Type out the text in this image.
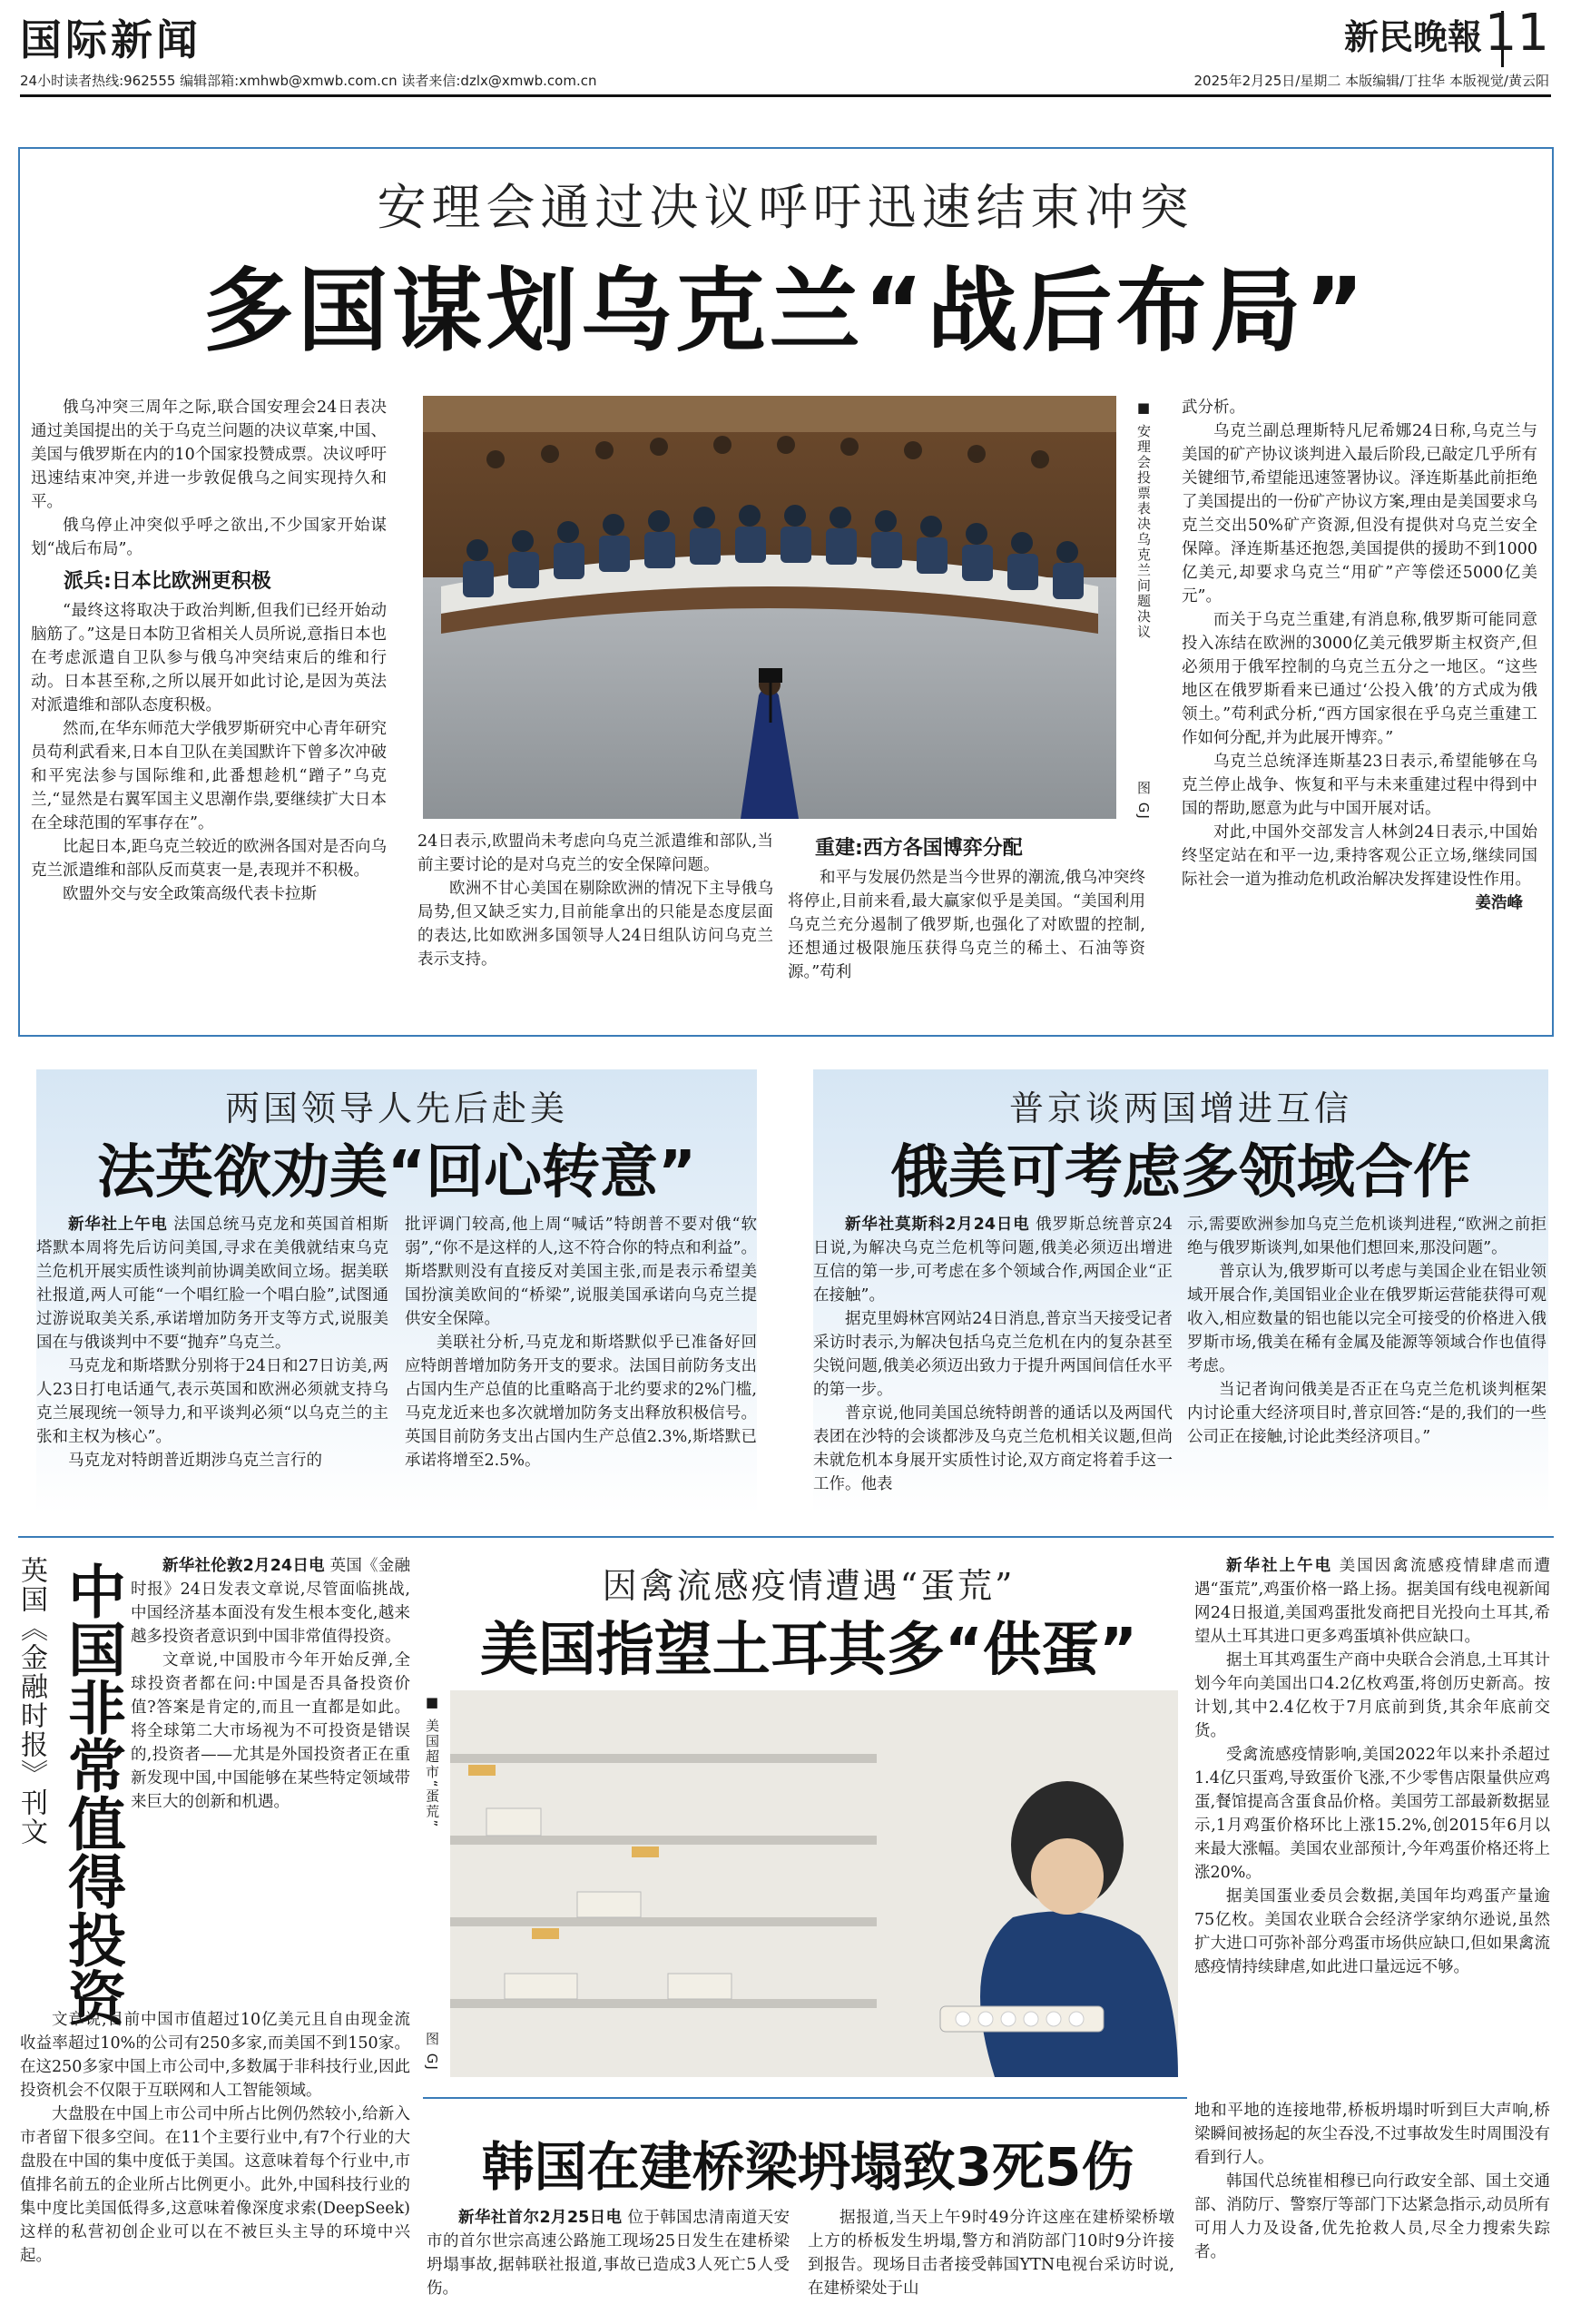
国际新闻	新民晚報 11
24小时读者热线:962555 编辑部箱:xmhwb@xmwb.com.cn 读者来信:dzlx@xmwb.com.cn	2025年2月25日/星期二 本版编辑/丁拄华 本版视觉/黄云阳
安理会通过决议呼吁迅速结束冲突
多国谋划乌克兰“战后布局”

俄乌冲突三周年之际,联合国安理会24日表决通过美国提出的关于乌克兰问题的决议草案,中国、美国与俄罗斯在内的10个国家投赞成票。决议呼吁迅速结束冲突,并进一步敦促俄乌之间实现持久和平。

俄乌停止冲突似乎呼之欲出,不少国家开始谋划“战后布局”。

派兵:日本比欧洲更积极

“最终这将取决于政治判断,但我们已经开始动脑筋了。”这是日本防卫省相关人员所说,意指日本也在考虑派遣自卫队参与俄乌冲突结束后的维和行动。日本甚至称,之所以展开如此讨论,是因为英法对派遣维和部队态度积极。

然而,在华东师范大学俄罗斯研究中心青年研究员苟利武看来,日本自卫队在美国默许下曾多次冲破和平宪法参与国际维和,此番想趁机“蹭子”乌克兰,“显然是右翼军国主义思潮作祟,要继续扩大日本在全球范围的军事存在”。

比起日本,距乌克兰较近的欧洲各国对是否向乌克兰派遣维和部队反而莫衷一是,表现并不积极。

欧盟外交与安全政策高级代表卡拉斯

■ 安理会投票表决乌克兰问题决议
图 GJ

24日表示,欧盟尚未考虑向乌克兰派遣维和部队,当前主要讨论的是对乌克兰的安全保障问题。

欧洲不甘心美国在剔除欧洲的情况下主导俄乌局势,但又缺乏实力,目前能拿出的只能是态度层面的表达,比如欧洲多国领导人24日组队访问乌克兰表示支持。

重建:西方各国博弈分配

和平与发展仍然是当今世界的潮流,俄乌冲突终将停止,目前来看,最大赢家似乎是美国。“美国利用乌克兰充分遏制了俄罗斯,也强化了对欧盟的控制,还想通过极限施压获得乌克兰的稀土、石油等资源。”苟利

武分析。

乌克兰副总理斯特凡尼希娜24日称,乌克兰与美国的矿产协议谈判进入最后阶段,已敲定几乎所有关键细节,希望能迅速签署协议。泽连斯基此前拒绝了美国提出的一份矿产协议方案,理由是美国要求乌克兰交出50%矿产资源,但没有提供对乌克兰安全保障。泽连斯基还抱怨,美国提供的援助不到1000亿美元,却要求乌克兰“用矿”产等偿还5000亿美元”。

而关于乌克兰重建,有消息称,俄罗斯可能同意投入冻结在欧洲的3000亿美元俄罗斯主权资产,但必须用于俄军控制的乌克兰五分之一地区。“这些地区在俄罗斯看来已通过‘公投入俄’的方式成为俄领土。”苟利武分析,“西方国家很在乎乌克兰重建工作如何分配,并为此展开博弈。”

乌克兰总统泽连斯基23日表示,希望能够在乌克兰停止战争、恢复和平与未来重建过程中得到中国的帮助,愿意为此与中国开展对话。

对此,中国外交部发言人林剑24日表示,中国始终坚定站在和平一边,秉持客观公正立场,继续同国际社会一道为推动危机政治解决发挥建设性作用。

姜浩峰
两国领导人先后赴美
法英欲劝美“回心转意”

新华社上午电 法国总统马克龙和英国首相斯塔默本周将先后访问美国,寻求在美俄就结束乌克兰危机开展实质性谈判前协调美欧间立场。据美联社报道,两人可能“一个唱红脸一个唱白脸”,试图通过游说取美关系,承诺增加防务开支等方式,说服美国在与俄谈判中不要“抛弃”乌克兰。

马克龙和斯塔默分别将于24日和27日访美,两人23日打电话通气,表示英国和欧洲必须就支持乌克兰展现统一领导力,和平谈判必须“以乌克兰的主张和主权为核心”。

马克龙对特朗普近期涉乌克兰言行的

批评调门较高,他上周“喊话”特朗普不要对俄“软弱”,“你不是这样的人,这不符合你的特点和利益”。斯塔默则没有直接反对美国主张,而是表示希望美国扮演美欧间的“桥梁”,说服美国承诺向乌克兰提供安全保障。

美联社分析,马克龙和斯塔默似乎已准备好回应特朗普增加防务开支的要求。法国目前防务支出占国内生产总值的比重略高于北约要求的2%门槛,马克龙近来也多次就增加防务支出释放积极信号。英国目前防务支出占国内生产总值2.3%,斯塔默已承诺将增至2.5%。

普京谈两国增进互信
俄美可考虑多领域合作

新华社莫斯科2月24日电 俄罗斯总统普京24日说,为解决乌克兰危机等问题,俄美必须迈出增进互信的第一步,可考虑在多个领域合作,两国企业“正在接触”。

据克里姆林宫网站24日消息,普京当天接受记者采访时表示,为解决包括乌克兰危机在内的复杂甚至尖锐问题,俄美必须迈出致力于提升两国间信任水平的第一步。

普京说,他同美国总统特朗普的通话以及两国代表团在沙特的会谈都涉及乌克兰危机相关议题,但尚未就危机本身展开实质性讨论,双方商定将着手这一工作。他表

示,需要欧洲参加乌克兰危机谈判进程,“欧洲之前拒绝与俄罗斯谈判,如果他们想回来,那没问题”。

普京认为,俄罗斯可以考虑与美国企业在铝业领域开展合作,美国铝业企业在俄罗斯运营能获得可观收入,相应数量的铝也能以完全可接受的价格进入俄罗斯市场,俄美在稀有金属及能源等领域合作也值得考虑。

当记者询问俄美是否正在乌克兰危机谈判框架内讨论重大经济项目时,普京回答:“是的,我们的一些公司正在接触,讨论此类经济项目。”

英国《金融时报》刊文 中国非常值得投资	新华社伦敦2月24日电 英国《金融时报》24日发表文章说,尽管面临挑战,中国经济基本面没有发生根本变化,越来越多投资者意识到中国非常值得投资。

文章说,中国股市今年开始反弹,全球投资者都在问:中国是否具备投资价值?答案是肯定的,而且一直都是如此。将全球第二大市场视为不可投资是错误的,投资者——尤其是外国投资者正在重新发现中国,中国能够在某些特定领域带来巨大的创新和机遇。

文章说,目前中国市值超过10亿美元且自由现金流收益率超过10%的公司有250多家,而美国不到150家。在这250多家中国上市公司中,多数属于非科技行业,因此投资机会不仅限于互联网和人工智能领域。

大盘股在中国上市公司中所占比例仍然较小,给新入市者留下很多空间。在11个主要行业中,有7个行业的大盘股在中国的集中度低于美国。这意味着每个行业中,市值排名前五的企业所占比例更小。此外,中国科技行业的集中度比美国低得多,这意味着像深度求索(DeepSeek)这样的私营初创企业可以在不被巨头主导的环境中兴起。

因禽流感疫情遭遇“蛋荒”
美国指望土耳其多“供蛋”
■ 美国超市“蛋荒”
图 GJ

新华社上午电 美国因禽流感疫情肆虐而遭遇“蛋荒”,鸡蛋价格一路上扬。据美国有线电视新闻网24日报道,美国鸡蛋批发商把目光投向土耳其,希望从土耳其进口更多鸡蛋填补供应缺口。

据土耳其鸡蛋生产商中央联合会消息,土耳其计划今年向美国出口4.2亿枚鸡蛋,将创历史新高。按计划,其中2.4亿枚于7月底前到货,其余年底前交货。

受禽流感疫情影响,美国2022年以来扑杀超过1.4亿只蛋鸡,导致蛋价飞涨,不少零售店限量供应鸡蛋,餐馆提高含蛋食品价格。美国劳工部最新数据显示,1月鸡蛋价格环比上涨15.2%,创2015年6月以来最大涨幅。美国农业部预计,今年鸡蛋价格还将上涨20%。

据美国蛋业委员会数据,美国年均鸡蛋产量逾75亿枚。美国农业联合会经济学家纳尔逊说,虽然扩大进口可弥补部分鸡蛋市场供应缺口,但如果禽流感疫情持续肆虐,如此进口量远远不够。

韩国在建桥梁坍塌致3死5伤

新华社首尔2月25日电 位于韩国忠清南道天安市的首尔世宗高速公路施工现场25日发生在建桥梁坍塌事故,据韩联社报道,事故已造成3人死亡5人受伤。

据报道,当天上午9时49分许这座在建桥梁桥墩上方的桥板发生坍塌,警方和消防部门10时9分许接到报告。现场目击者接受韩国YTN电视台采访时说,在建桥梁处于山

地和平地的连接地带,桥板坍塌时听到巨大声响,桥梁瞬间被扬起的灰尘吞没,不过事故发生时周围没有看到行人。

韩国代总统崔相穆已向行政安全部、国土交通部、消防厅、警察厅等部门下达紧急指示,动员所有可用人力及设备,优先抢救人员,尽全力搜索失踪者。
